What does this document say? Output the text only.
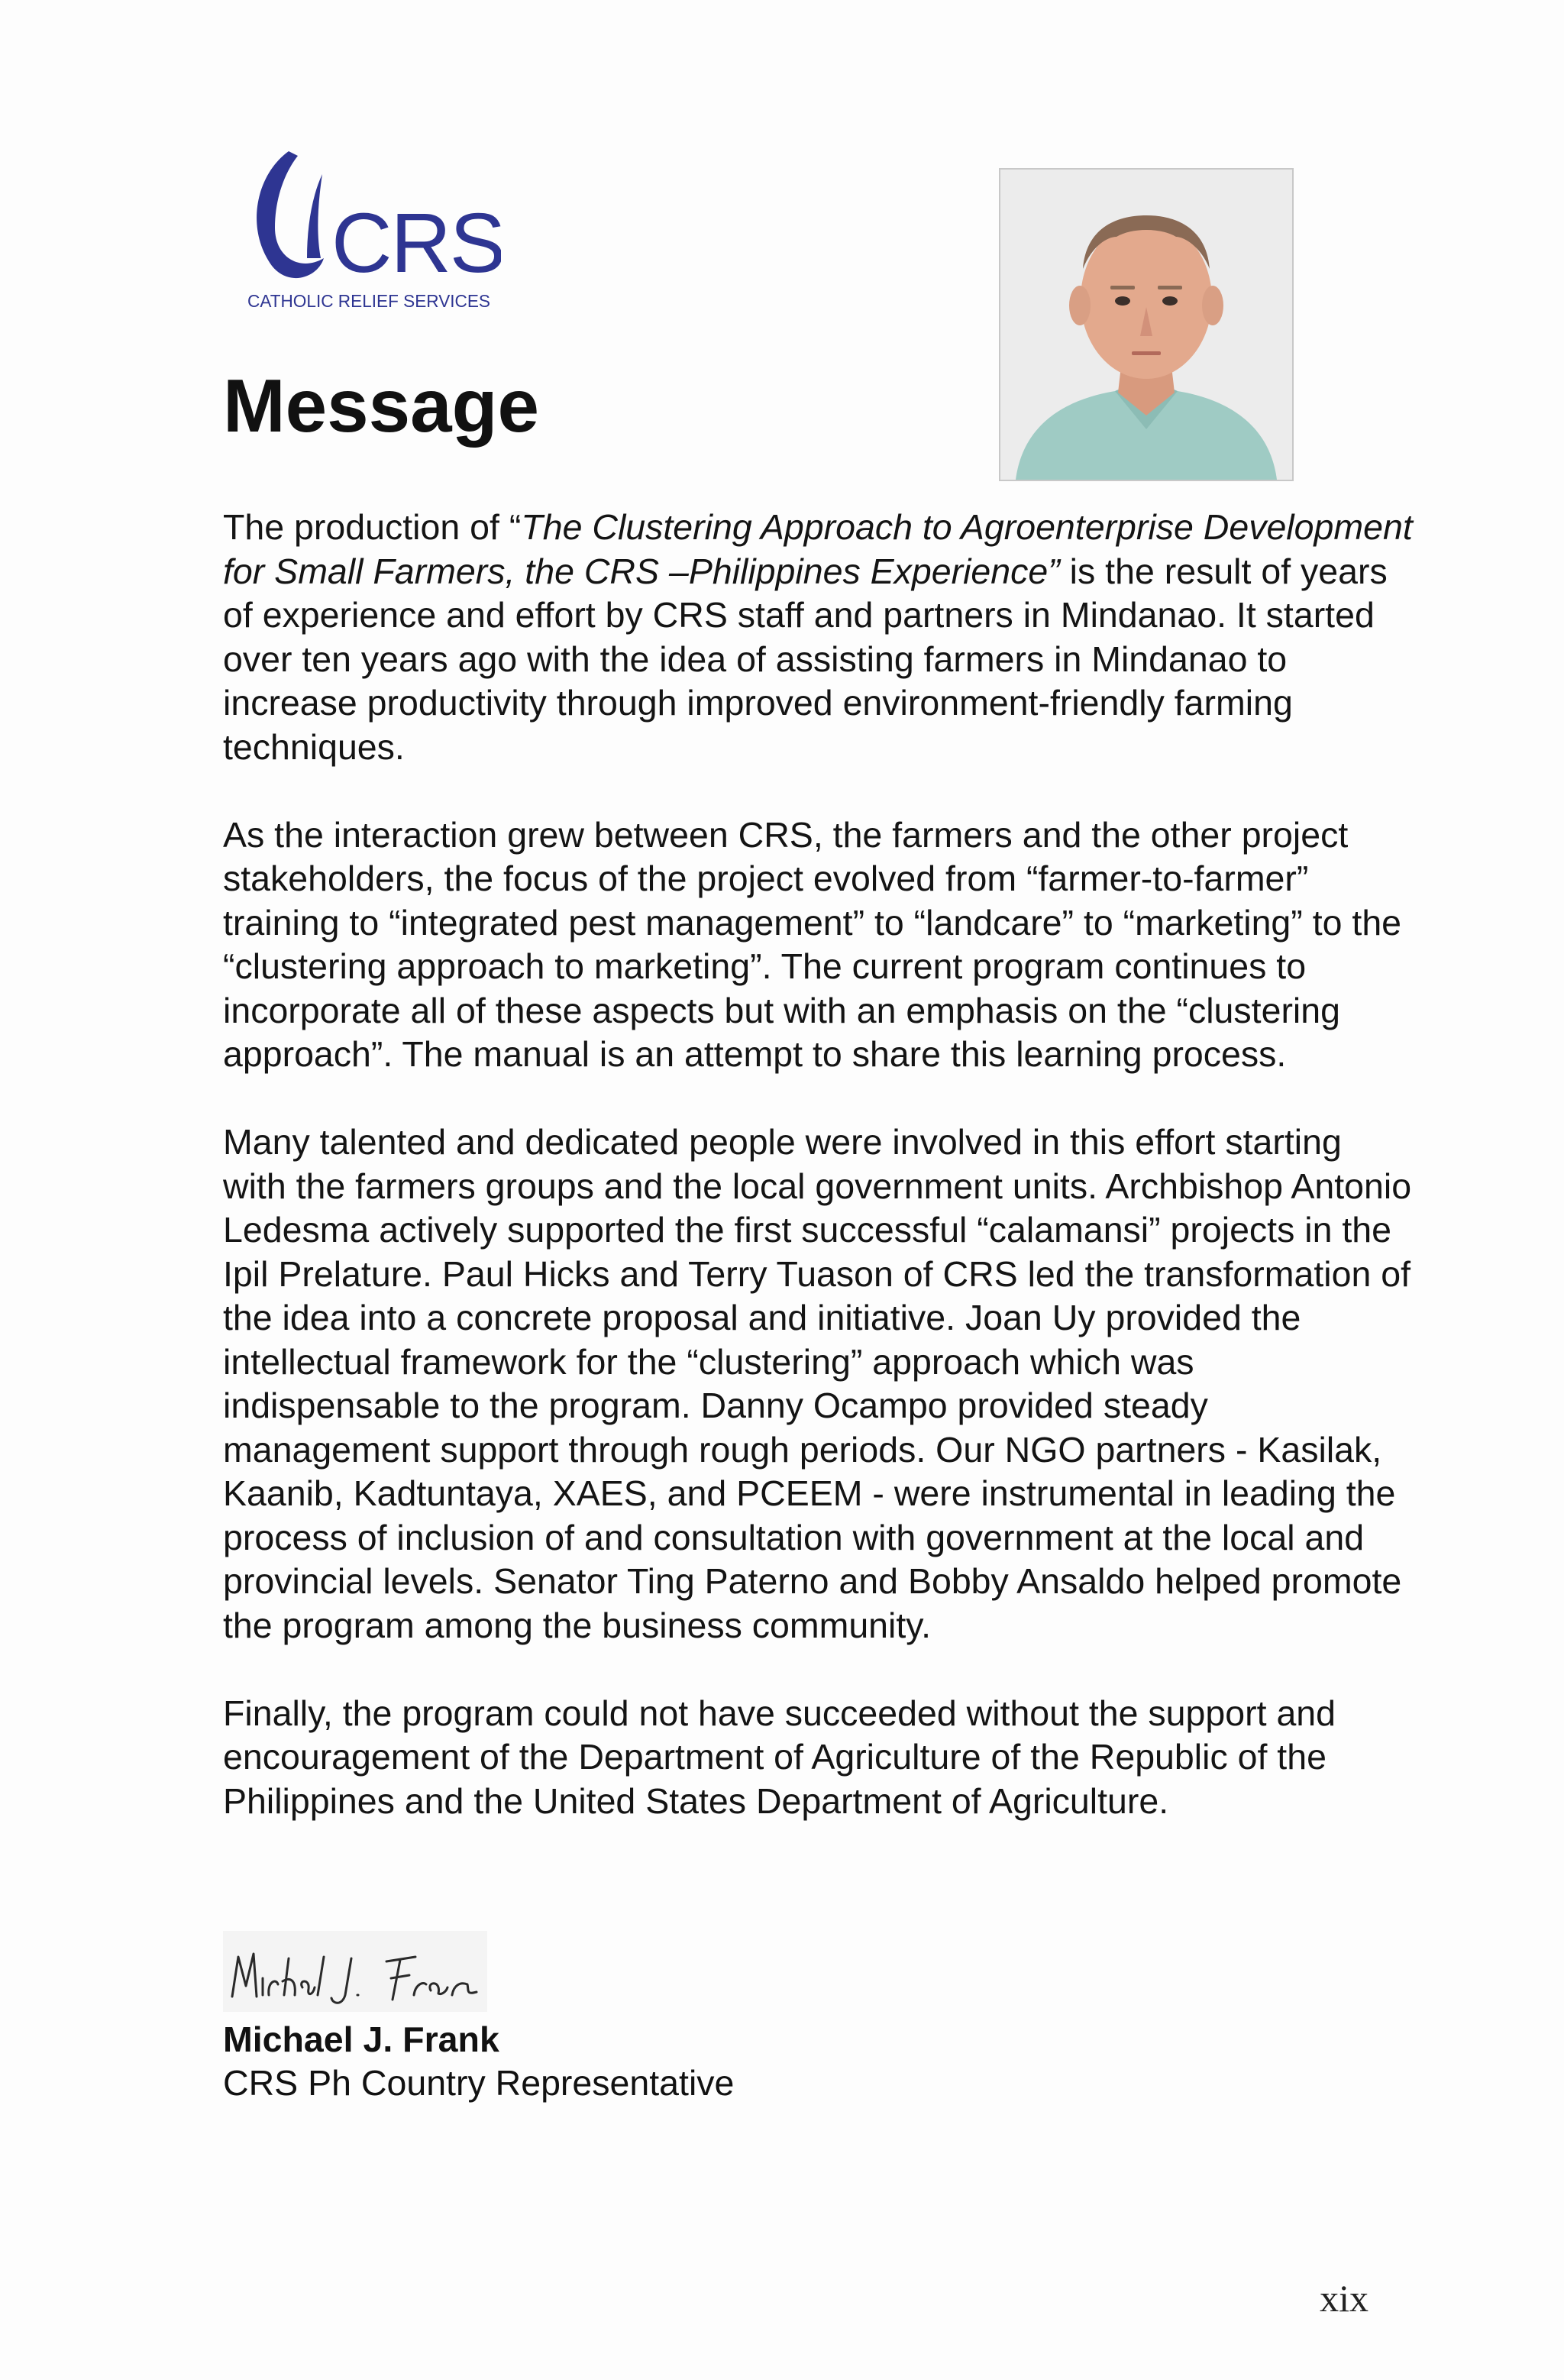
CRS
CATHOLIC RELIEF SERVICES
Message

The production of “The Clustering Approach to Agroenterprise Development for Small Farmers, the CRS –Philippines Experience” is the result of years of experience and effort by CRS staff and partners in Mindanao. It started over ten years ago with the idea of assisting farmers in Mindanao to increase productivity through improved environment-friendly farming techniques.

As the interaction grew between CRS, the farmers and the other project stakeholders, the focus of the project evolved from “farmer-to-farmer” training to “integrated pest management” to “landcare” to “marketing” to the “clustering approach to marketing”. The current program continues to incorporate all of these aspects but with an emphasis on the “clustering approach”. The manual is an attempt to share this learning process.

Many talented and dedicated people were involved in this effort starting with the farmers groups and the local government units. Archbishop Antonio Ledesma actively supported the first successful “calamansi” projects in the Ipil Prelature. Paul Hicks and Terry Tuason of CRS led the transformation of the idea into a concrete proposal and initiative. Joan Uy provided the intellectual framework for the “clustering” approach which was indispensable to the program. Danny Ocampo provided steady management support through rough periods. Our NGO partners - Kasilak, Kaanib, Kadtuntaya, XAES, and PCEEM - were instrumental in leading the process of inclusion of and consultation with government at the local and provincial levels. Senator Ting Paterno and Bobby Ansaldo helped promote the program among the business community.

Finally, the program could not have succeeded without the support and encouragement of the Department of Agriculture of the Republic of the Philippines and the United States Department of Agriculture.

Michael J. Frank
CRS Ph Country Representative
xix
